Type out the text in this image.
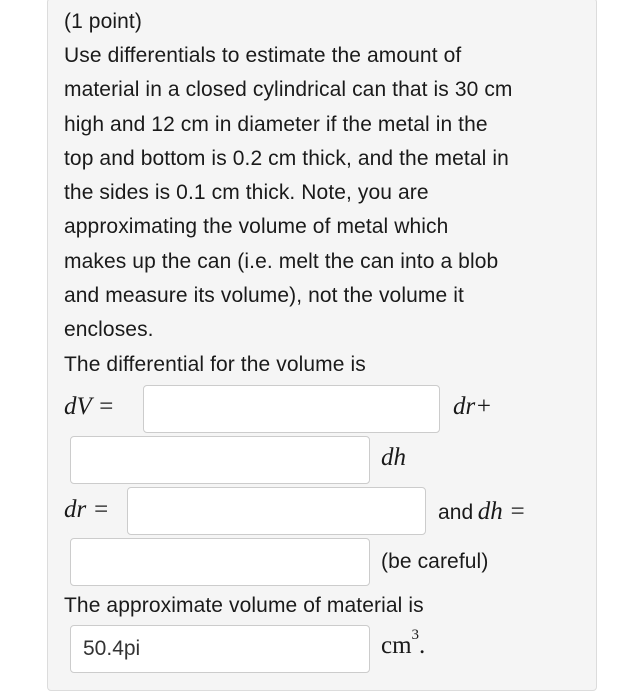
(1 point)
Use differentials to estimate the amount of
material in a closed cylindrical can that is 30 cm
high and 12 cm in diameter if the metal in the
top and bottom is 0.2 cm thick, and the metal in
the sides is 0.1 cm thick. Note, you are
approximating the volume of metal which
makes up the can (i.e. melt the can into a blob
and measure its volume), not the volume it
encloses.
The differential for the volume is
dV =	dr+
dh
dr =	and dh =
(be careful)
The approximate volume of material is
50.4pi	$cm^3$.
